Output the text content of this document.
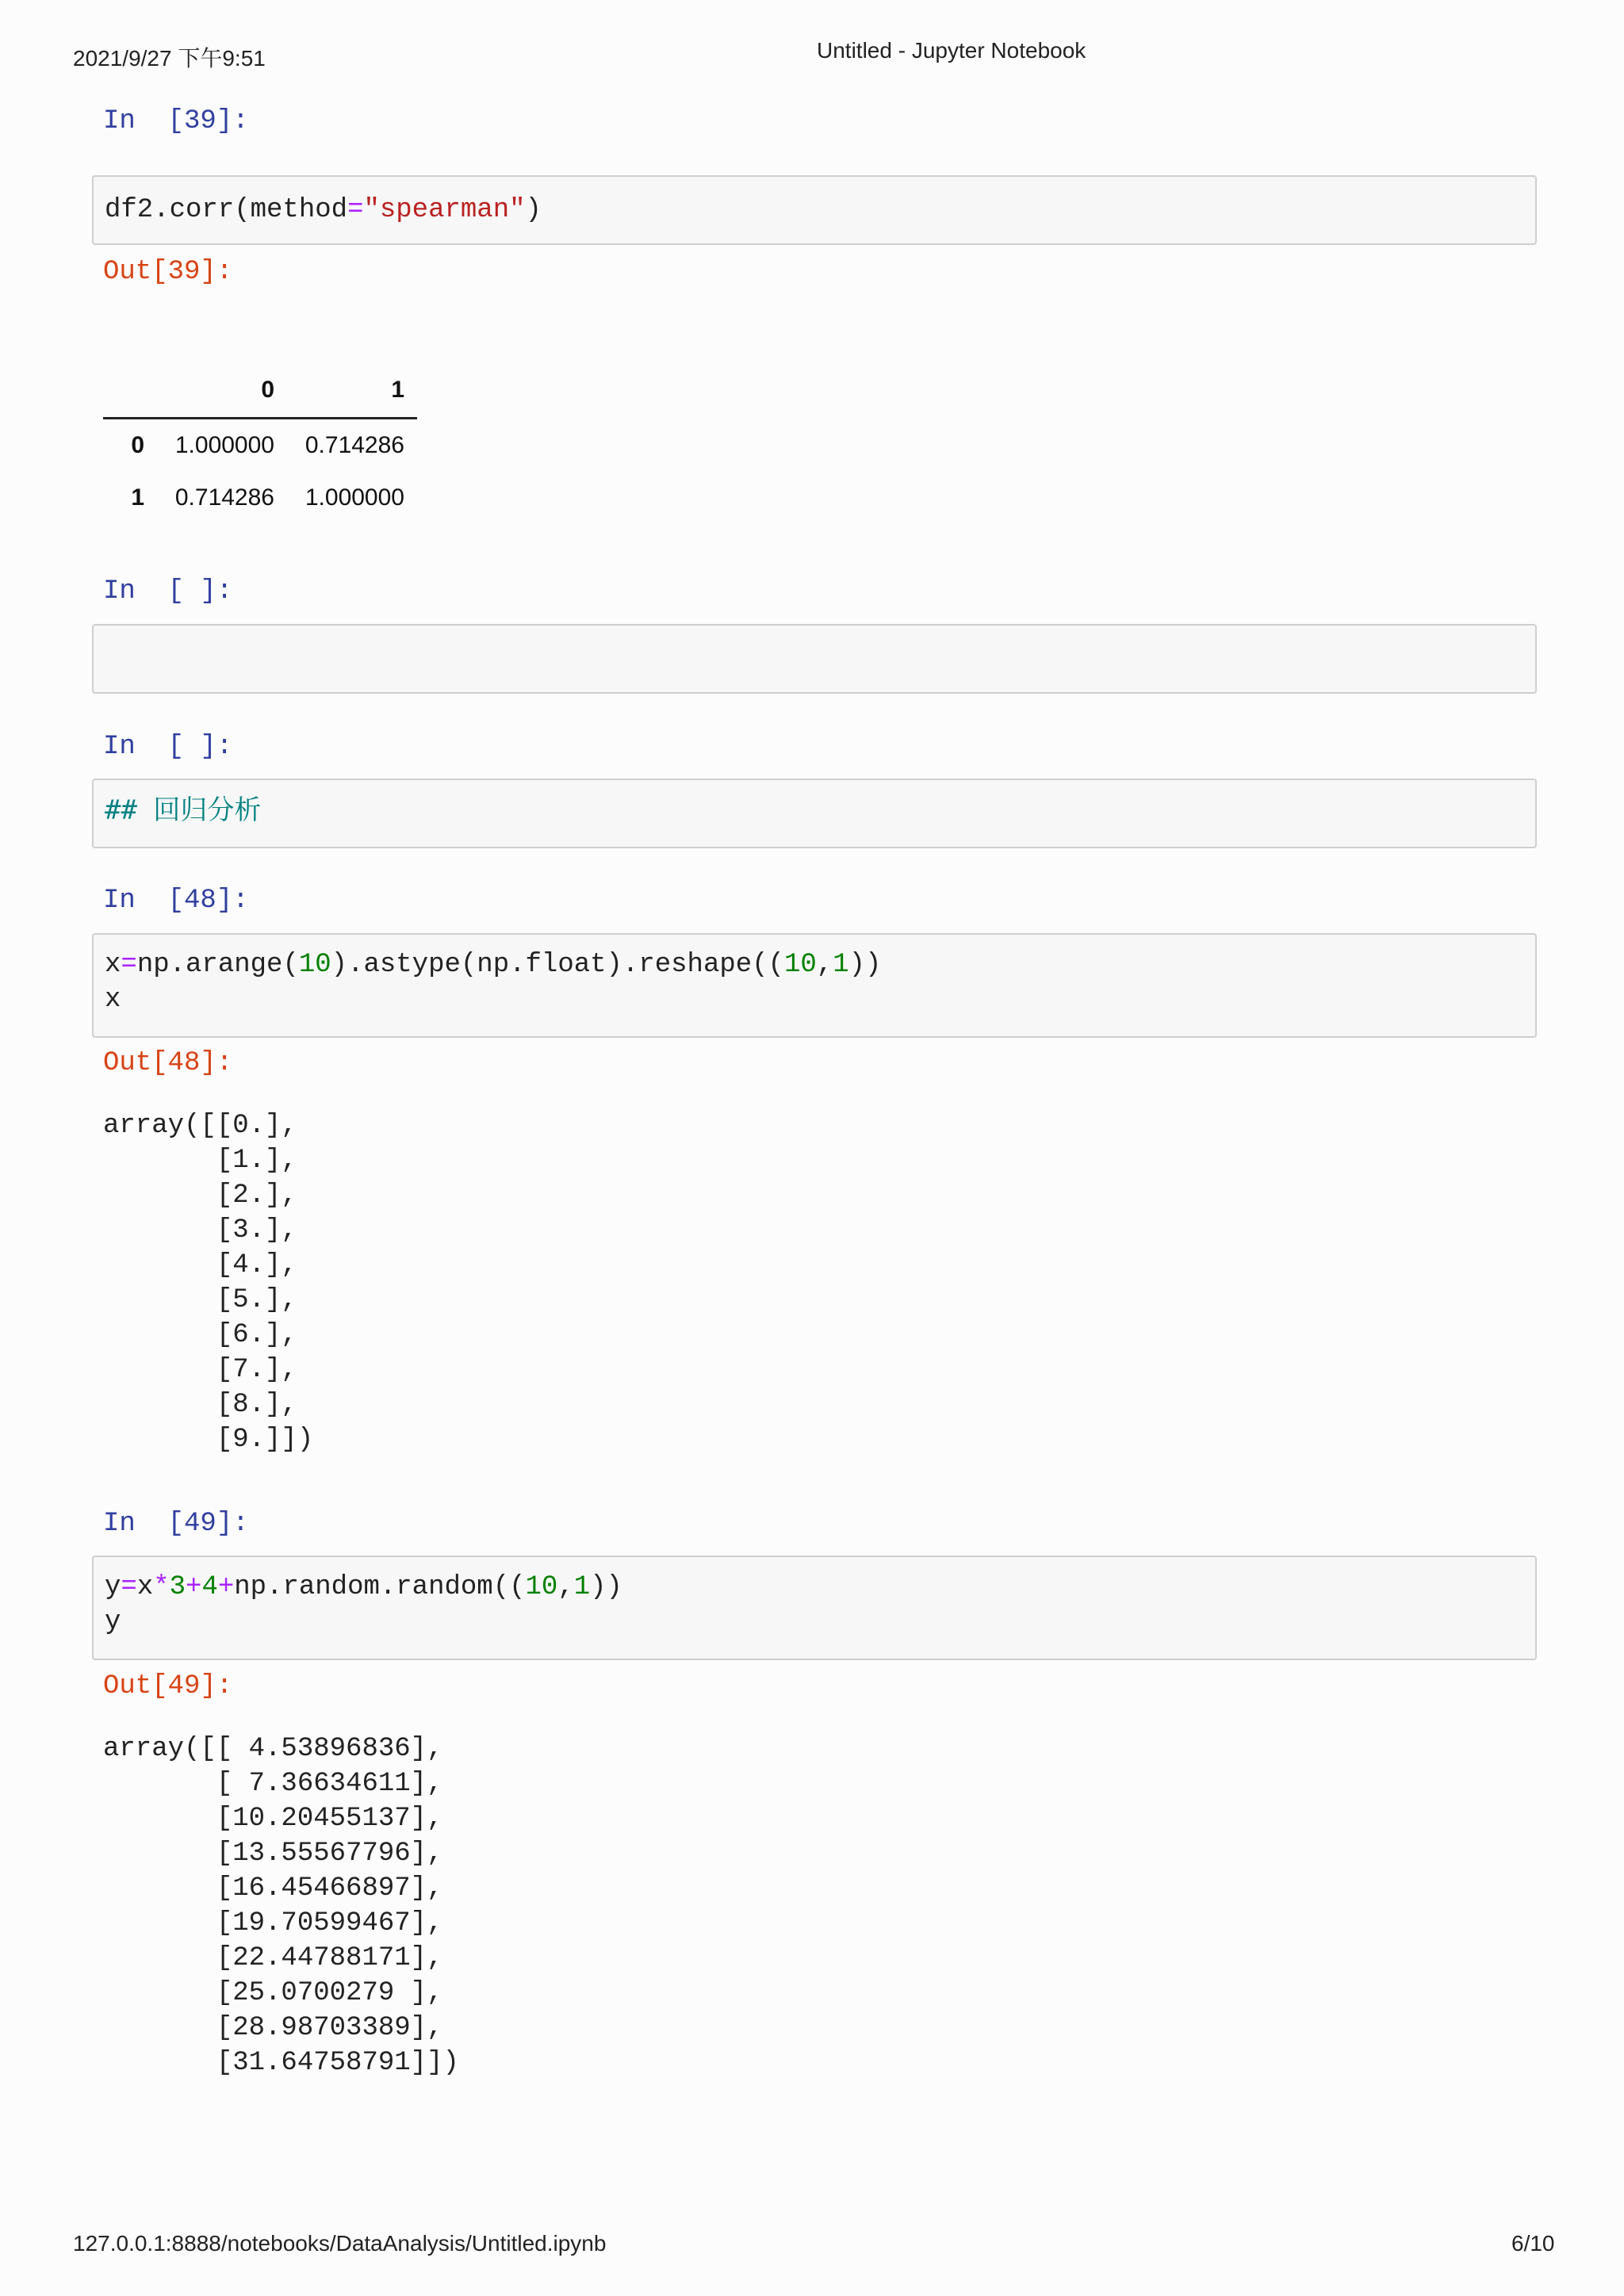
2021/9/27 下午9:51	Untitled - Jupyter Notebook
In  [39]:
df2.corr(method="spearman")
Out[39]:
	0	1
0	1.000000	0.714286
1	0.714286	1.000000
In  [ ]:
In  [ ]:
## 回归分析
In  [48]:
x=np.arange(10).astype(np.float).reshape((10,1))
x
Out[48]:
array([[0.],
[1.],
[2.],
[3.],
[4.],
[5.],
[6.],
[7.],
[8.],
[9.]])
In  [49]:
y=x*3+4+np.random.random((10,1))
y
Out[49]:
array([[ 4.53896836],
[ 7.36634611],
[10.20455137],
[13.55567796],
[16.45466897],
[19.70599467],
[22.44788171],
[25.0700279 ],
[28.98703389],
[31.64758791]])
127.0.0.1:8888/notebooks/DataAnalysis/Untitled.ipynb	6/10
